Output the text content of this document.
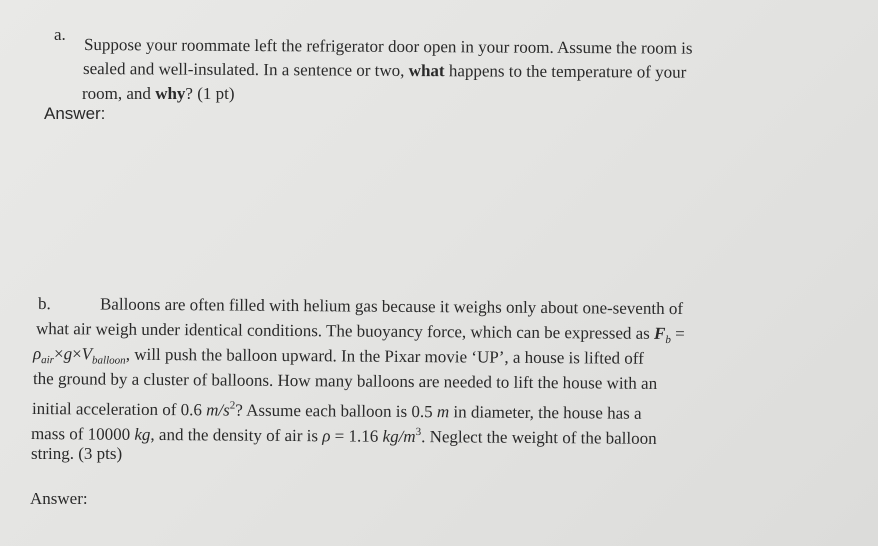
a.
Suppose your roommate left the refrigerator door open in your room. Assume the room is
sealed and well-insulated. In a sentence or two, what happens to the temperature of your
room, and why? (1 pt)
Answer:
b.	Balloons are often filled with helium gas because it weighs only about one-seventh of
what air weigh under identical conditions. The buoyancy force, which can be expressed as $F_b$ =
$\rho_{air}\times g\times V_{balloon}$, will push the balloon upward. In the Pixar movie ‘UP’, a house is lifted off
the ground by a cluster of balloons. How many balloons are needed to lift the house with an
initial acceleration of 0.6 $m/s^2$? Assume each balloon is 0.5 m in diameter, the house has a
mass of 10000 kg, and the density of air is ρ = 1.16 $kg/m^3$. Neglect the weight of the balloon
string. (3 pts)
Answer:
